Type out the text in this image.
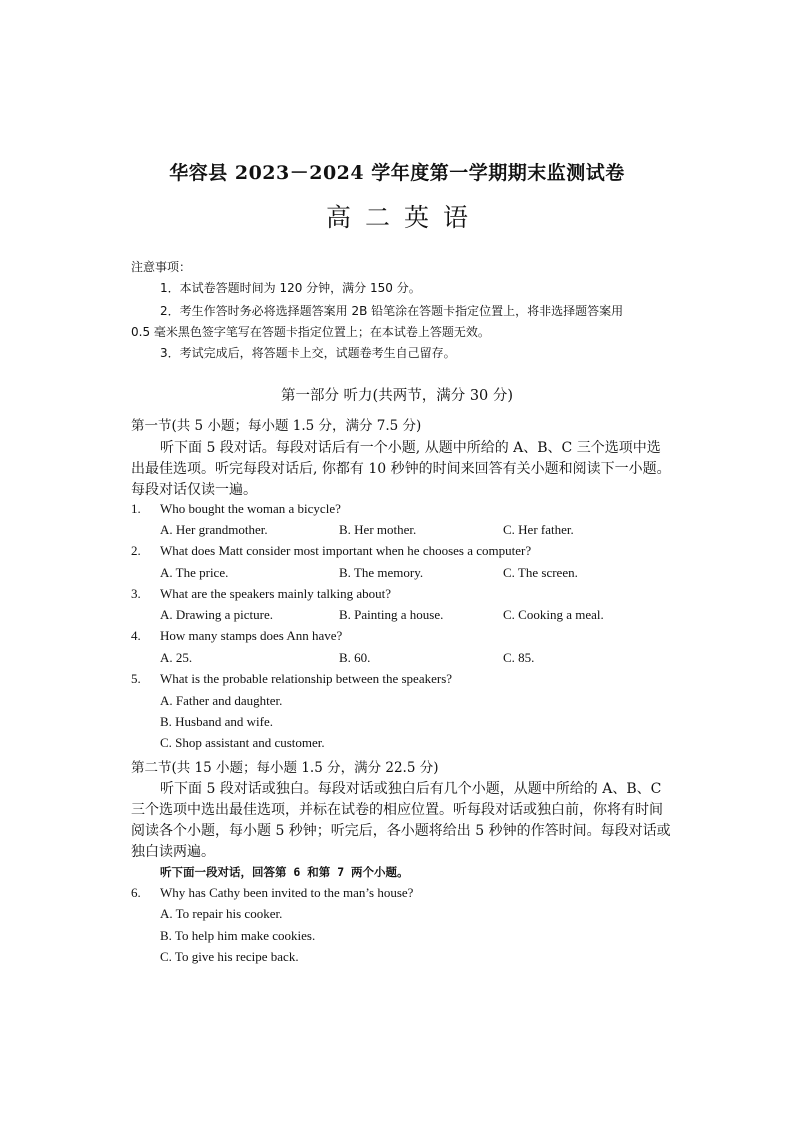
华容县 2023－2024 学年度第一学期期末监测试卷
高二英语
注意事项：
1．本试卷答题时间为 120 分钟，满分 150 分。
2．考生作答时务必将选择题答案用 2B 铅笔涂在答题卡指定位置上，将非选择题答案用
0.5 毫米黑色签字笔写在答题卡指定位置上；在本试卷上答题无效。
3．考试完成后，将答题卡上交，试题卷考生自己留存。
第一部分 听力(共两节，满分 30 分)
第一节(共 5 小题；每小题 1.5 分，满分 7.5 分)
听下面 5 段对话。每段对话后有一个小题, 从题中所给的 A、B、C 三个选项中选
出最佳选项。听完每段对话后, 你都有 10 秒钟的时间来回答有关小题和阅读下一小题。
每段对话仅读一遍。
1. Who bought the woman a bicycle?
A. Her grandmother.	B. Her mother.	C. Her father.
2. What does Matt consider most important when he chooses a computer?
A. The price.	B. The memory.	C. The screen.
3. What are the speakers mainly talking about?
A. Drawing a picture.	B. Painting a house.	C. Cooking a meal.
4. How many stamps does Ann have?
A. 25.	B. 60.	C. 85.
5. What is the probable relationship between the speakers?
A. Father and daughter.
B. Husband and wife.
C. Shop assistant and customer.
第二节(共 15 小题；每小题 1.5 分，满分 22.5 分)
听下面 5 段对话或独白。每段对话或独白后有几个小题，从题中所给的 A、B、C
三个选项中选出最佳选项，并标在试卷的相应位置。听每段对话或独白前，你将有时间
阅读各个小题，每小题 5 秒钟；听完后，各小题将给出 5 秒钟的作答时间。每段对话或
独白读两遍。
听下面一段对话，回答第 6 和第 7 两个小题。
6. Why has Cathy been invited to the man’s house?
A. To repair his cooker.
B. To help him make cookies.
C. To give his recipe back.
